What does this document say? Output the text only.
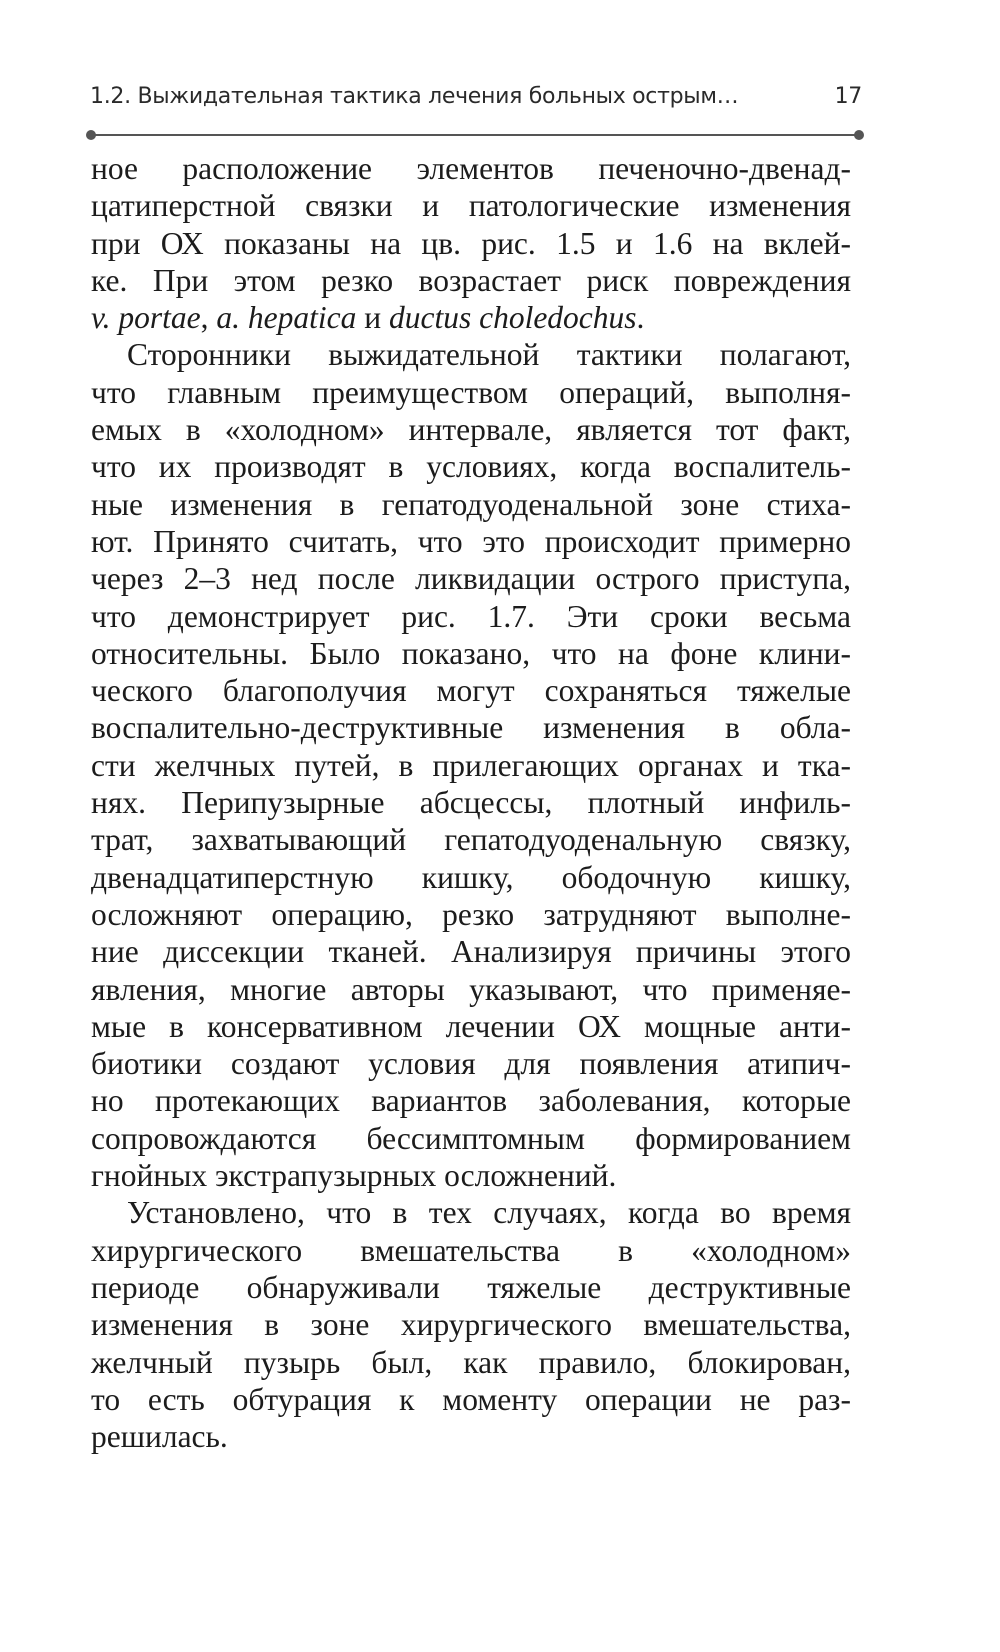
1.2. Выжидательная тактика лечения больных острым…	17
ное расположение элементов печеночно-двенад-
цатиперстной связки и патологические изменения
при ОХ показаны на цв. рис. 1.5 и 1.6 на вклей-
ке. При этом резко возрастает риск повреждения
v. portae, a. hepatica и ductus choledochus.
Сторонники выжидательной тактики полагают,
что главным преимуществом операций, выполня-
емых в «холодном» интервале, является тот факт,
что их производят в условиях, когда воспалитель-
ные изменения в гепатодуоденальной зоне стиха-
ют. Принято считать, что это происходит примерно
через 2–3 нед после ликвидации острого приступа,
что демонстрирует рис. 1.7. Эти сроки весьма
относительны. Было показано, что на фоне клини-
ческого благополучия могут сохраняться тяжелые
воспалительно-деструктивные изменения в обла-
сти желчных путей, в прилегающих органах и тка-
нях. Перипузырные абсцессы, плотный инфиль-
трат, захватывающий гепатодуоденальную связку,
двенадцатиперстную кишку, ободочную кишку,
осложняют операцию, резко затрудняют выполне-
ние диссекции тканей. Анализируя причины этого
явления, многие авторы указывают, что применяе-
мые в консервативном лечении ОХ мощные анти-
биотики создают условия для появления атипич-
но протекающих вариантов заболевания, которые
сопровождаются бессимптомным формированием
гнойных экстрапузырных осложнений.
Установлено, что в тех случаях, когда во время
хирургического вмешательства в «холодном»
периоде обнаруживали тяжелые деструктивные
изменения в зоне хирургического вмешательства,
желчный пузырь был, как правило, блокирован,
то есть обтурация к моменту операции не раз-
решилась.
